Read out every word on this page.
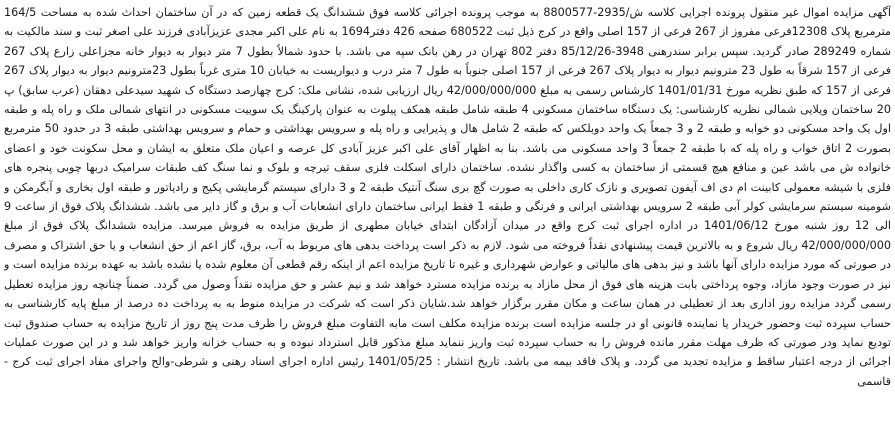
آگهی مزایده اموال غیر منقول پرونده اجرایی کلاسه ش/2935-8800577 به موجب پرونده اجرائی کلاسه فوق ششدانگ یک قطعه زمین که در آن ساختمان احداث شده به مساحت 164/5 مترمربع پلاک 12308فرعی مفروز از 267 فرعی از 157 اصلی واقع در کرج ذیل ثبت 680522 صفحه 426 دفتر1694 به نام علی اکبر مجدی عزیزآبادی فرزند علی اصغر ثبت و سند مالکیت به شماره 289249 صادر گردید. سپس برابر سندرهنی 3948-85/12/26 دفتر 802 تهران در رهن بانک سپه می باشد. با حدود شمالاً بطول 7 متر دیوار به دیوار خانه مجزاعلی زارع پلاک 267 فرعی از 157 شرقاً به طول 23 مترونیم دیوار به دیوار پلاک 267 فرعی از 157 اصلی جنوباً به طول 7 متر درب و دیواریست به خیابان 10 متری غرباً بطول 23مترونیم دیوار به دیوار پلاک 267 فرعی از 157 که طبق نظریه مورخ 1401/01/31 کارشناس رسمی به مبلغ 42/000/000/000 ریال ارزیابی شده، نشانی ملک: کرج چهارصد دستگاه ک شهید سیدعلی دهقان (عرب سابق) پ 20 ساختمان ویلایی شمالی نظریه کارشناسی: یک دستگاه ساختمان مسکونی 4 طبقه شامل طبقه همکف پیلوت به عنوان پارکینگ یک سوییت مسکونی در انتهای شمالی ملک و راه پله و طبقه اول یک واحد مسکونی دو خوابه و طبقه 2 و 3 جمعاً یک واحد دوبلکس که طبقه 2 شامل هال و پذیرایی و راه پله و سرویس بهداشتی و حمام و سرویس بهداشتی طبقه 3 در حدود 50 مترمربع بصورت 2 اتاق خواب و راه پله که با طبقه 2 جمعاً 3 واحد مسکونی می باشد. بنا به اظهار آقای علی اکبر عزیز آبادی کل عرصه و اعیان ملک متعلق به ایشان و محل سکونت خود و اعضای خانواده ش می باشد عین و منافع هیچ قسمتی از ساختمان به کسی واگذار نشده. ساختمان دارای اسکلت فلزی سقف تیرچه و بلوک و نما سنگ کف طبقات سرامیک دربها چوبی پنجره های فلزی با شیشه معمولی کابینت ام دی اف آیفون تصویری و نازک کاری داخلی به صورت گچ بری سنگ آنتیک طبقه 2 و 3 دارای سیستم گرمایشی پکیج و رادیاتور و طبقه اول بخاری و آبگرمکن و شومینه سیستم سرمایشی کولر آبی طبقه 2 سرویس بهداشتی ایرانی و فرنگی و طبقه 1 فقط ایرانی ساختمان دارای انشعابات آب و برق و گاز دایر می باشد. ششدانگ پلاک فوق از ساعت 9 الی 12 روز شنبه مورخ 1401/06/12 در اداره اجرای ثبت کرج واقع در میدان آزادگان ابتدای خیابان مطهری از طریق مزایده به فروش میرسد. مزایده ششدانگ پلاک فوق از مبلغ 42/000/000/000 ریال شروع و به بالاترین قیمت پیشنهادی نقداً فروخته می شود. لازم به ذکر است پرداخت بدهی های مربوط به آب، برق، گاز اعم از حق انشعاب و یا حق اشتراک و مصرف در صورتی که مورد مزایده دارای آنها باشد و نیز بدهی های مالیاتی و عوارض شهرداری و غیره تا تاریخ مزایده اعم از اینکه رقم قطعی آن معلوم شده یا نشده باشد به عهده برنده مزایده است و نیز در صورت وجود مازاد، وجوه پرداختی بابت هزینه های فوق از محل مازاد به برنده مزایده مسترد خواهد شد و نیم عشر و حق مزایده نقداً وصول می گردد. ضمناً چنانچه روز مزایده تعطیل رسمی گردد مزایده روز اداری بعد از تعطیلی در همان ساعت و مکان مقرر برگزار خواهد شد.شایان ذکر است که شرکت در مزایده منوط به به پرداخت ده درصد از مبلغ پایه کارشناسی به حساب سپرده ثبت وحضور خریدار یا نماینده قانونی او در جلسه مزایده است برنده مزایده مکلف است مابه التفاوت مبلغ فروش را ظرف مدت پنج روز از تاریخ مزایده به حساب صندوق ثبت تودیع نماید ودر صورتی که ظرف مهلت مقرر مانده فروش را به حساب سپرده ثبت واریز ننماید مبلغ مذکور قابل استرداد نبوده و به حساب خزانه واریز خواهد شد و در این صورت عملیات اجرائی از درجه اعتبار ساقط و مزایده تجدید می گردد. و پلاک فاقد بیمه می باشد. تاریخ انتشار : 1401/05/25 رئیس اداره اجرای اسناد رهنی و شرطی-والح واجرای مفاد اجرای ثبت کرج - قاسمی
